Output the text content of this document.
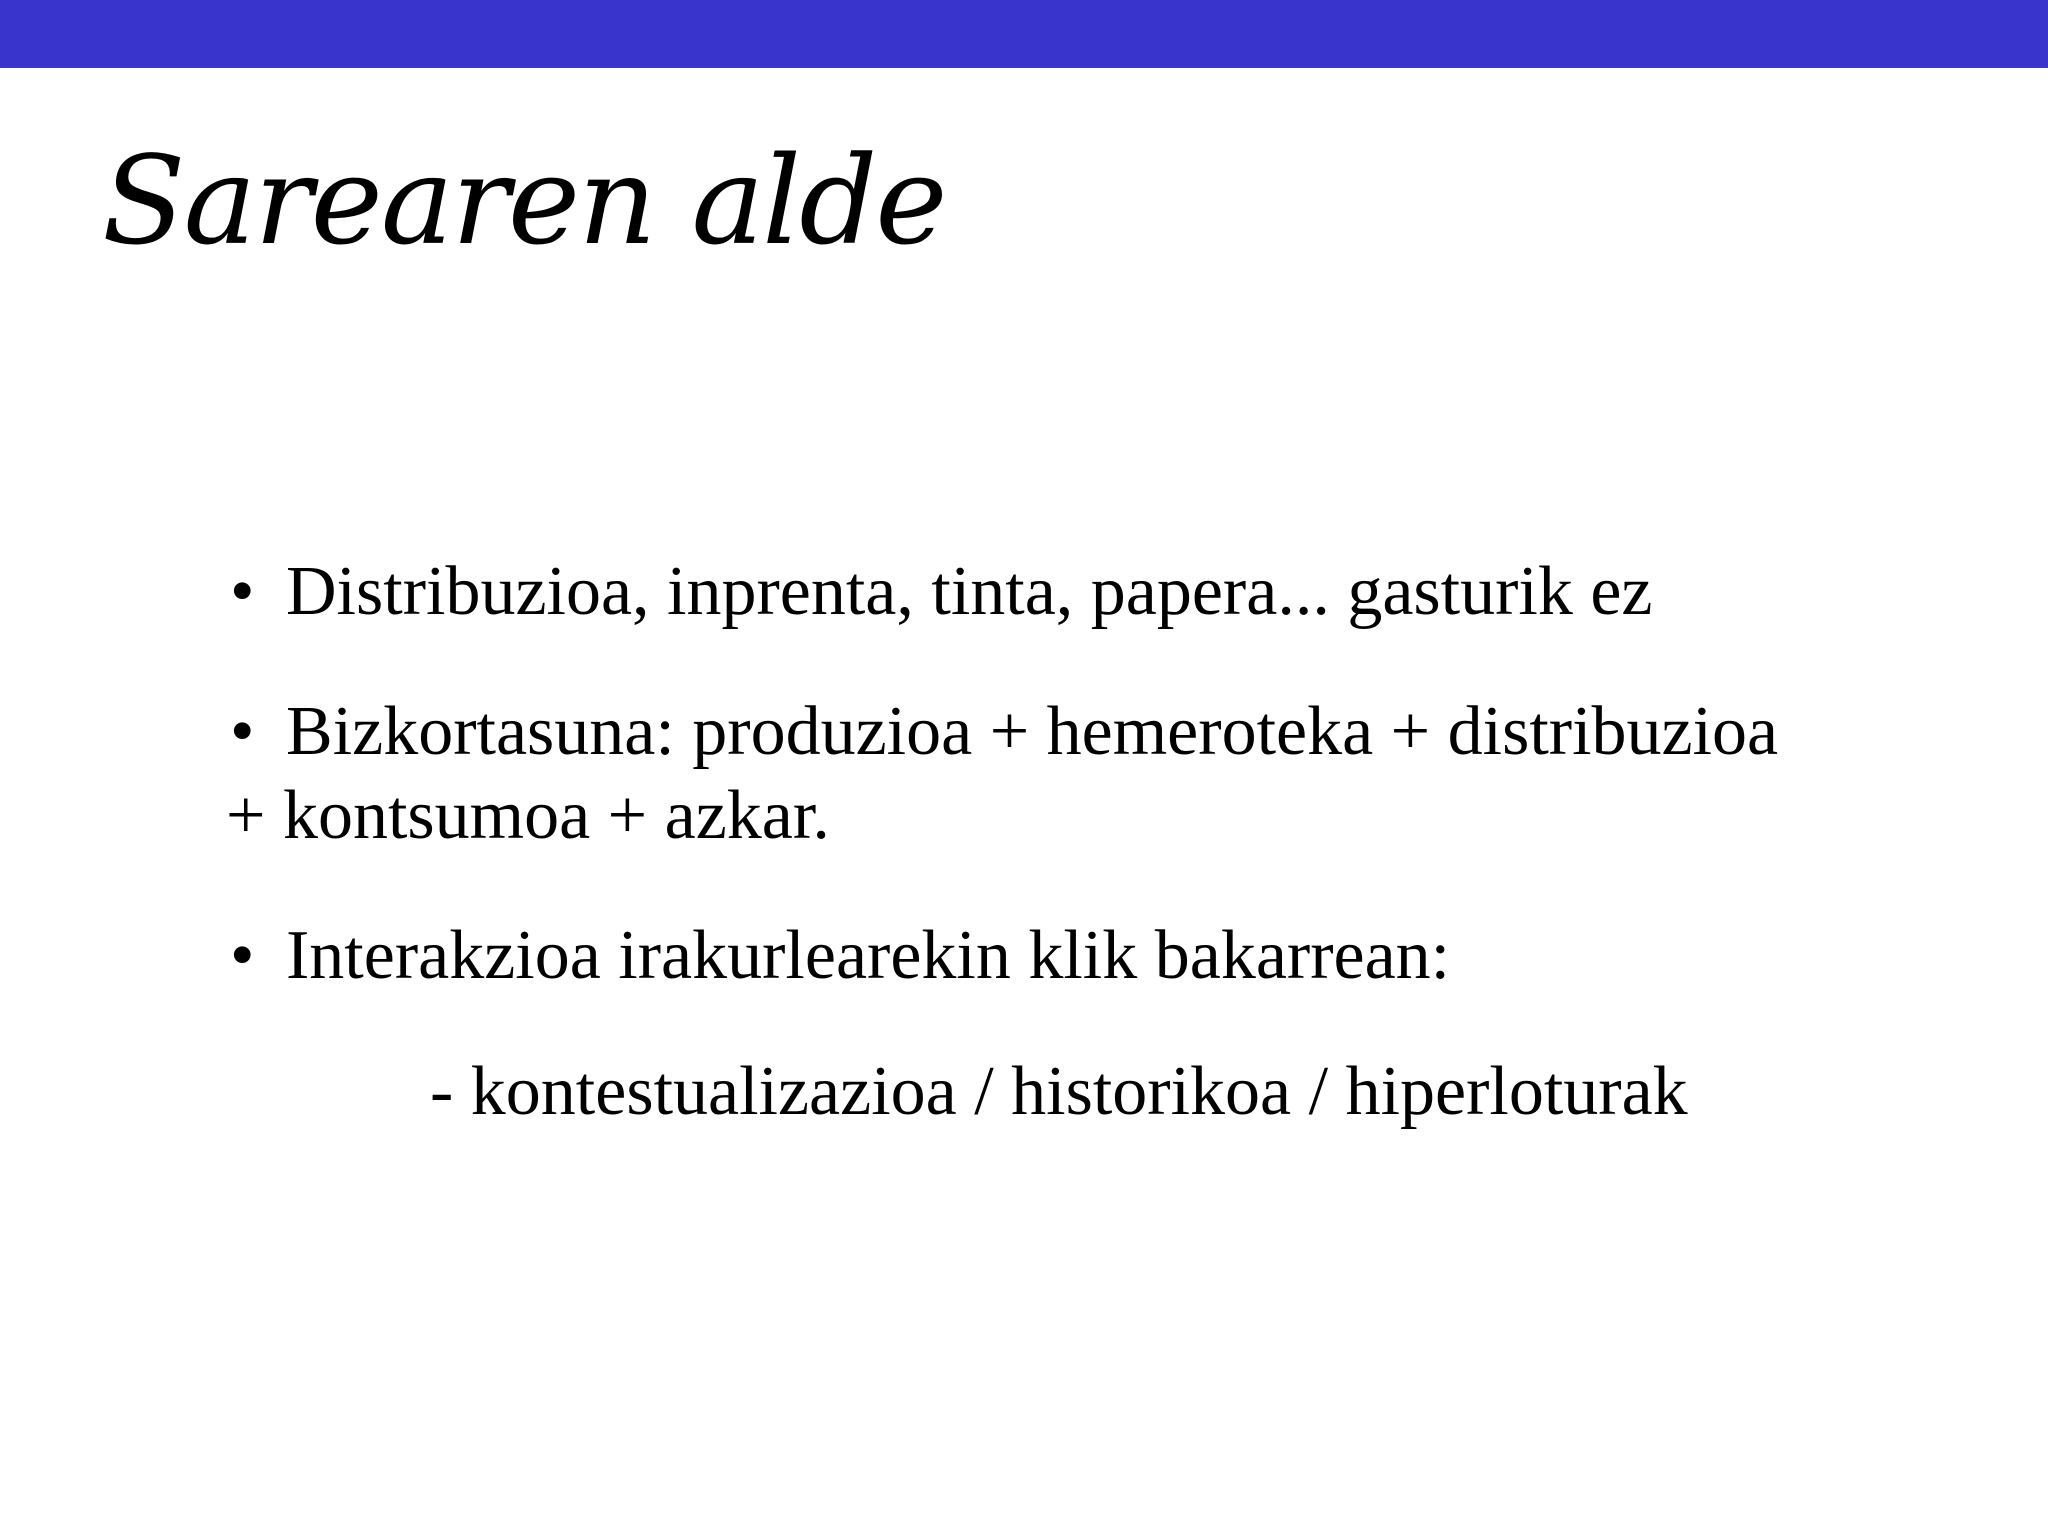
Sarearen alde
• Distribuzioa, inprenta, tinta, papera... gasturik ez
• Bizkortasuna: produzioa + hemeroteka + distribuzioa + kontsumoa + azkar.
• Interakzioa irakurlearekin klik bakarrean:

- kontestualizazioa / historikoa / hiperloturak
